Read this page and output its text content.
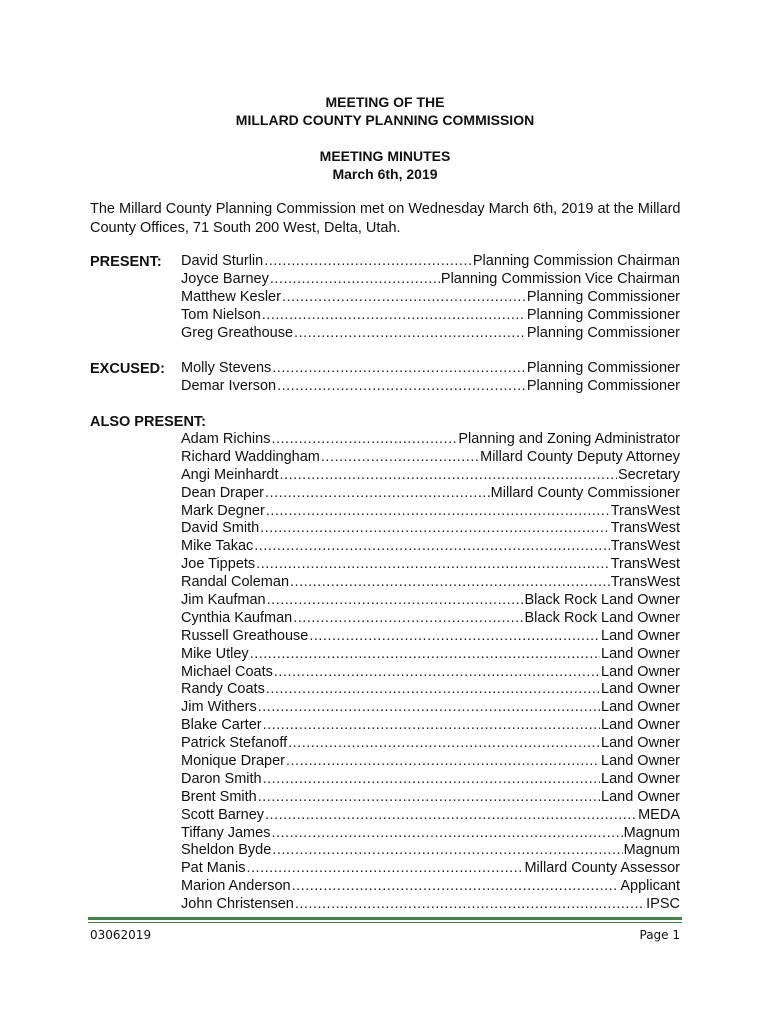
MEETING OF THE
MILLARD COUNTY PLANNING COMMISSION
MEETING MINUTES
March 6th, 2019
The Millard County Planning Commission met on Wednesday March 6th, 2019 at the Millard County Offices, 71 South 200 West, Delta, Utah.
PRESENT: David Sturlin .....	Planning Commission Chairman
Joyce Barney .....	Planning Commission Vice Chairman
Matthew Kesler .....	Planning Commissioner
Tom Nielson .....	Planning Commissioner
Greg Greathouse .....	Planning Commissioner
EXCUSED: Molly Stevens .....	Planning Commissioner
Demar Iverson .....	Planning Commissioner
ALSO PRESENT:
Adam Richins .....	Planning and Zoning Administrator
Richard Waddingham .....	Millard County Deputy Attorney
Angi Meinhardt .....	Secretary
Dean Draper .....	Millard County Commissioner
Mark Degner .....	TransWest
David Smith .....	TransWest
Mike Takac .....	TransWest
Joe Tippets .....	TransWest
Randal Coleman .....	TransWest
Jim Kaufman .....	Black Rock Land Owner
Cynthia Kaufman .....	Black Rock Land Owner
Russell Greathouse .....	Land Owner
Mike Utley .....	Land Owner
Michael Coats .....	Land Owner
Randy Coats .....	Land Owner
Jim Withers .....	Land Owner
Blake Carter .....	Land Owner
Patrick Stefanoff .....	Land Owner
Monique Draper .....	Land Owner
Daron Smith .....	Land Owner
Brent Smith .....	Land Owner
Scott Barney .....	MEDA
Tiffany James .....	Magnum
Sheldon Byde .....	Magnum
Pat Manis .....	Millard County Assessor
Marion Anderson .....	Applicant
John Christensen .....	IPSC
03062019	Page 1
